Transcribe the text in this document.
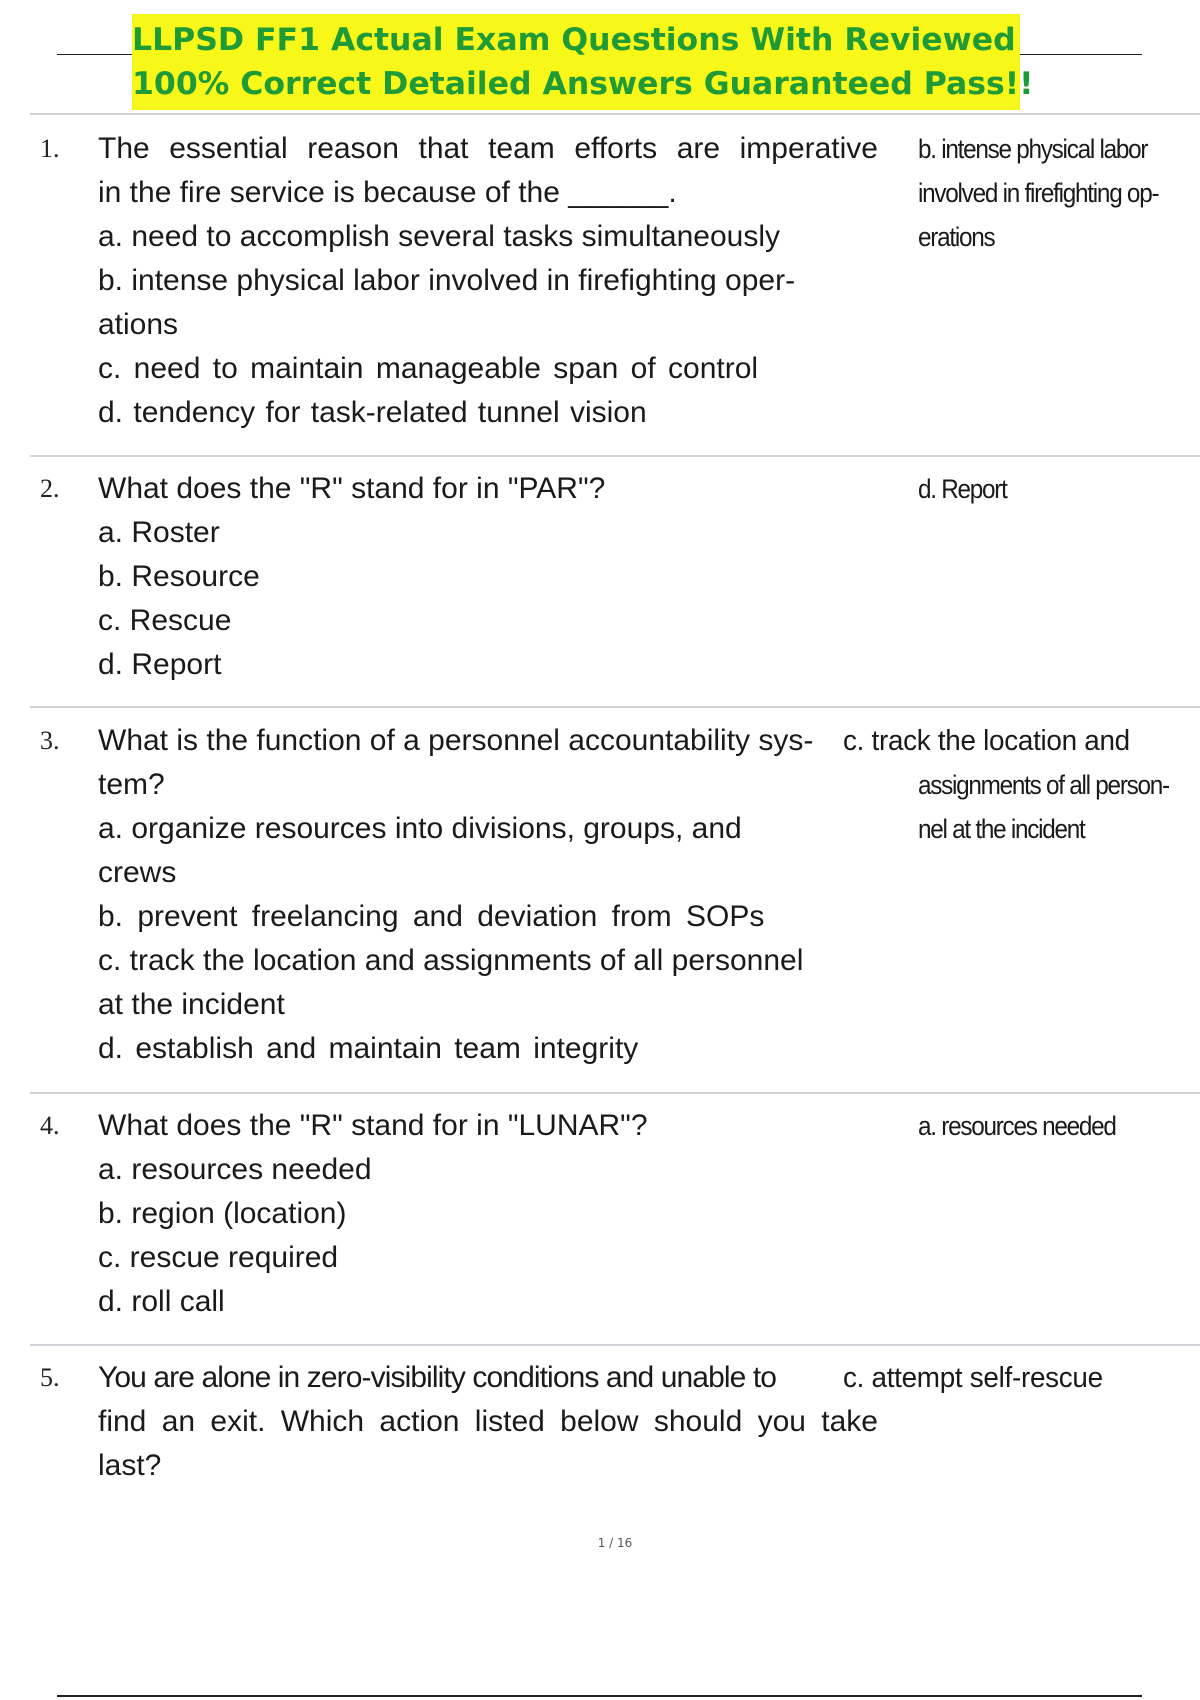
LLPSD FF1 Actual Exam Questions With Reviewed
100% Correct Detailed Answers Guaranteed Pass!!
1. The essential reason that team efforts are imperative
in the fire service is because of the ______.
a. need to accomplish several tasks simultaneously
b. intense physical labor involved in firefighting oper-
ations
c. need to maintain manageable span of control
d. tendency for task-related tunnel vision
b. intense physical labor
involved in firefighting op-
erations
2. What does the "R" stand for in "PAR"?
a. Roster
b. Resource
c. Rescue
d. Report
d. Report
3. What is the function of a personnel accountability sys-
tem?
a. organize resources into divisions, groups, and
crews
b. prevent freelancing and deviation from SOPs
c. track the location and assignments of all personnel
at the incident
d. establish and maintain team integrity
c. track the location and
assignments of all person-
nel at the incident
4. What does the "R" stand for in "LUNAR"?
a. resources needed
b. region (location)
c. rescue required
d. roll call
a. resources needed
5. You are alone in zero-visibility conditions and unable to
find an exit. Which action listed below should you take
last?
c. attempt self-rescue
1 / 16
